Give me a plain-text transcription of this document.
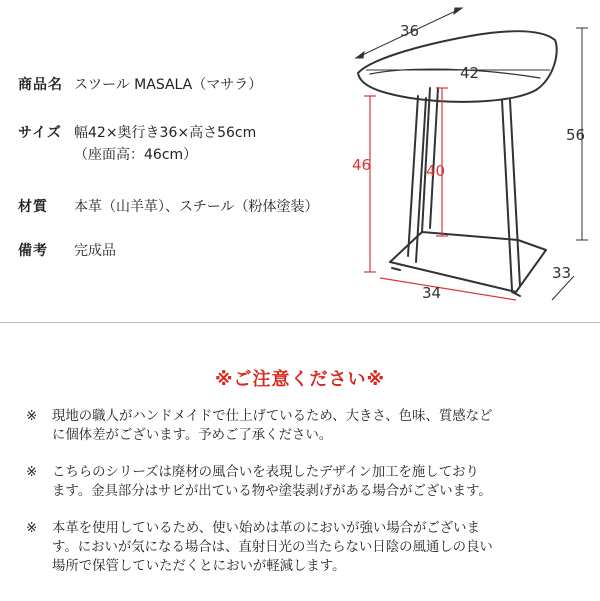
商品名 スツール MASALA（マサラ）
サイズ 幅42×奥行き36×高さ56cm
（座面高：46cm）
材質	本革（山羊革）、スチール（粉体塗装）
備考	完成品
36
42
56
46	40
34
33
※ご注意ください※
※ 現地の職人がハンドメイドで仕上げているため、大きさ、色味、質感など
に個体差がございます。予めご了承ください。
※ こちらのシリーズは廃材の風合いを表現したデザイン加工を施しており
ます。金具部分はサビが出ている物や塗装剥げがある場合がございます。
※ 本革を使用しているため、使い始めは革のにおいが強い場合がございま
す。においが気になる場合は、直射日光の当たらない日陰の風通しの良い
場所で保管していただくとにおいが軽減します。
